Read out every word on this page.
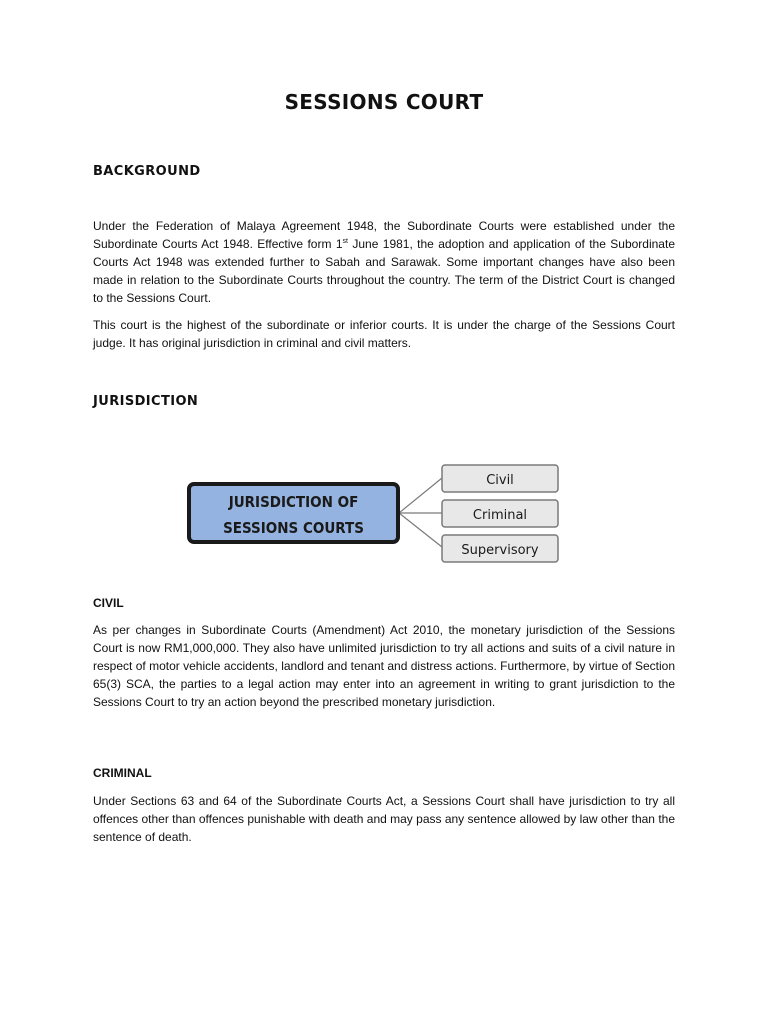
SESSIONS COURT
BACKGROUND

Under the Federation of Malaya Agreement 1948, the Subordinate Courts were established under the Subordinate Courts Act 1948. Effective form 1st June 1981, the adoption and application of the Subordinate Courts Act 1948 was extended further to Sabah and Sarawak. Some important changes have also been made in relation to the Subordinate Courts throughout the country. The term of the District Court is changed to the Sessions Court.

This court is the highest of the subordinate or inferior courts. It is under the charge of the Sessions Court judge. It has original jurisdiction in criminal and civil matters.

JURISDICTION
JURISDICTION OF
SESSIONS COURTS
Civil
Criminal
Supervisory
CIVIL

As per changes in Subordinate Courts (Amendment) Act 2010, the monetary jurisdiction of the Sessions Court is now RM1,000,000. They also have unlimited jurisdiction to try all actions and suits of a civil nature in respect of motor vehicle accidents, landlord and tenant and distress actions. Furthermore, by virtue of Section 65(3) SCA, the parties to a legal action may enter into an agreement in writing to grant jurisdiction to the Sessions Court to try an action beyond the prescribed monetary jurisdiction.

CRIMINAL

Under Sections 63 and 64 of the Subordinate Courts Act, a Sessions Court shall have jurisdiction to try all offences other than offences punishable with death and may pass any sentence allowed by law other than the sentence of death.
